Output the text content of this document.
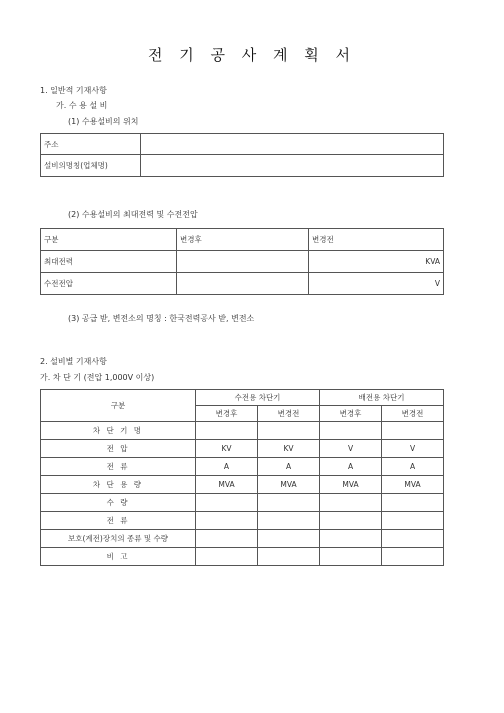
전 기 공 사 계 획 서
1. 일반적 기재사항
가. 수 용 설 비
(1) 수용설비의 위치
주소	
설비의명칭(업체명)	
(2) 수용설비의 최대전력 및 수전전압
구분	변경후	변경전
최대전력		KVA
수전전압		V
(3) 공급 받, 변전소의 명칭 : 한국전력공사 받, 변전소
2. 설비별 기재사항
가. 차 단 기 (전압 1,000V 이상)
구분	수전용 차단기		배전용 차단기	
	변경후	변경전	변경후	변경전
차 단 기 명				
전 압	KV	KV	V	V
전 류	A	A	A	A
차 단 용 량	MVA	MVA	MVA	MVA
수 량				
전 류				
보호(계전)장치의 종류 및 수량				
비 고				
